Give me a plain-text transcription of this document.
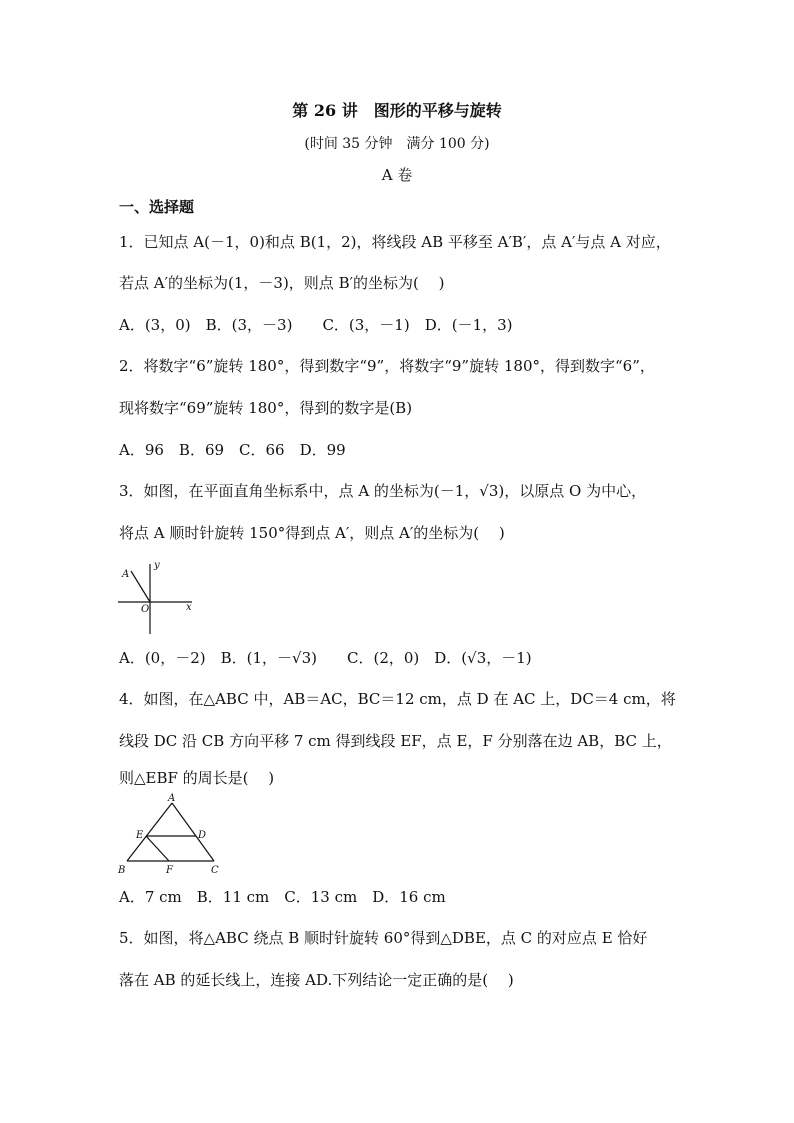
第 26 讲　图形的平移与旋转
(时间 35 分钟　满分 100 分)
A 卷
一、选择题
1．已知点 A(－1，0)和点 B(1，2)，将线段 AB 平移至 A′B′，点 A′与点 A 对应，
若点 A′的坐标为(1，－3)，则点 B′的坐标为(　 )
A．(3，0)　B．(3，－3)　　C．(3，－1)　D．(－1，3)
2．将数字“6”旋转 180°，得到数字“9”，将数字“9”旋转 180°，得到数字“6”，
现将数字“69”旋转 180°，得到的数字是(B)
A．96　B．69　C．66　D．99
3．如图，在平面直角坐标系中，点 A 的坐标为(－1，√3)，以原点 O 为中心，
将点 A 顺时针旋转 150°得到点 A′，则点 A′的坐标为(　 )
A
y
O	x
A．(0，－2)　B．(1，－√3)　　C．(2，0)　D．(√3，－1)
4．如图，在△ABC 中，AB＝AC，BC＝12 cm，点 D 在 AC 上，DC＝4 cm，将
线段 DC 沿 CB 方向平移 7 cm 得到线段 EF，点 E，F 分别落在边 AB，BC 上，
则△EBF 的周长是(　 )
A
E	D
B	F	C
A．7 cm　B．11 cm　C．13 cm　D．16 cm
5．如图，将△ABC 绕点 B 顺时针旋转 60°得到△DBE，点 C 的对应点 E 恰好
落在 AB 的延长线上，连接 AD.下列结论一定正确的是(　 )
